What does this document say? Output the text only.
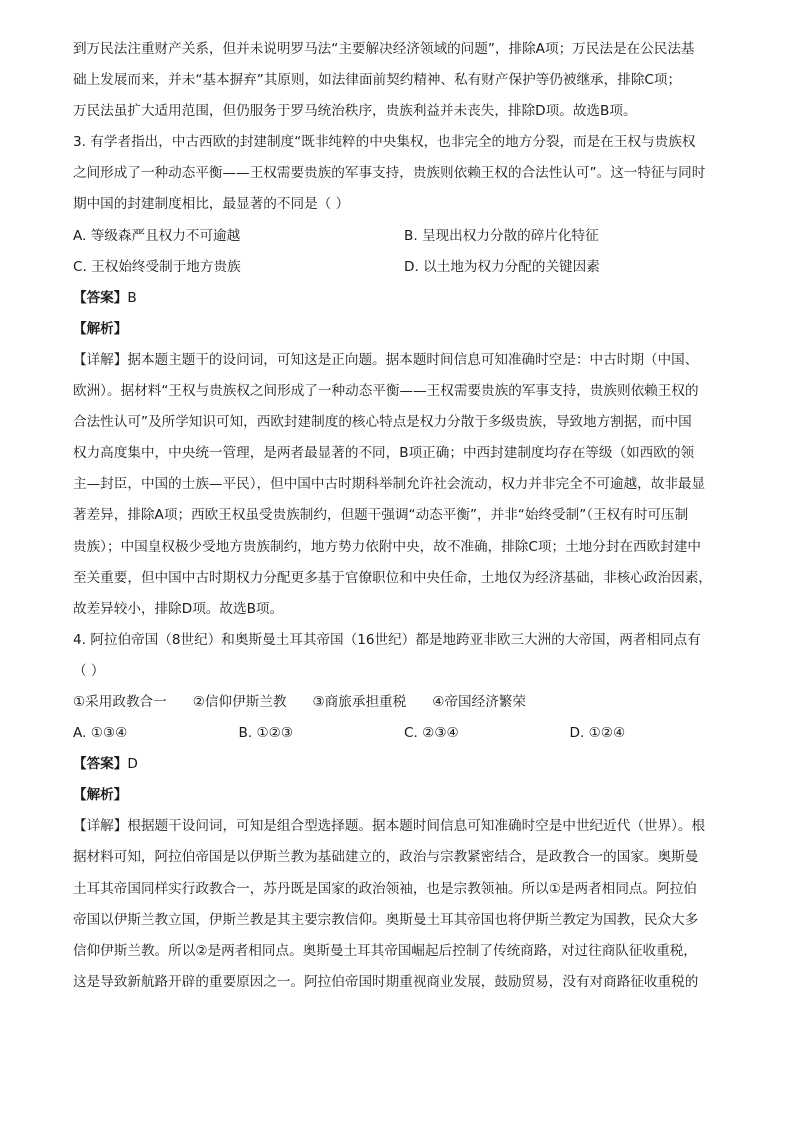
到万民法注重财产关系，但并未说明罗马法“主要解决经济领域的问题”，排除A项；万民法是在公民法基

础上发展而来，并未“基本摒弃”其原则，如法律面前契约精神、私有财产保护等仍被继承，排除C项；

万民法虽扩大适用范围，但仍服务于罗马统治秩序，贵族利益并未丧失，排除D项。故选B项。

3. 有学者指出，中古西欧的封建制度“既非纯粹的中央集权，也非完全的地方分裂，而是在王权与贵族权

之间形成了一种动态平衡——王权需要贵族的军事支持，贵族则依赖王权的合法性认可”。这一特征与同时

期中国的封建制度相比，最显著的不同是（ ）

A. 等级森严且权力不可逾越	B. 呈现出权力分散的碎片化特征
C. 王权始终受制于地方贵族	D. 以土地为权力分配的关键因素

【答案】B

【解析】

【详解】据本题主题干的设问词，可知这是正向题。据本题时间信息可知准确时空是：中古时期（中国、

欧洲）。据材料“王权与贵族权之间形成了一种动态平衡——王权需要贵族的军事支持，贵族则依赖王权的

合法性认可”及所学知识可知，西欧封建制度的核心特点是权力分散于多级贵族，导致地方割据，而中国

权力高度集中，中央统一管理，是两者最显著的不同，B项正确；中西封建制度均存在等级（如西欧的领

主—封臣，中国的士族—平民），但中国中古时期科举制允许社会流动，权力并非完全不可逾越，故非最显

著差异，排除A项；西欧王权虽受贵族制约，但题干强调“动态平衡”，并非“始终受制”（王权有时可压制

贵族）；中国皇权极少受地方贵族制约，地方势力依附中央，故不准确，排除C项；土地分封在西欧封建中

至关重要，但中国中古时期权力分配更多基于官僚职位和中央任命，土地仅为经济基础，非核心政治因素，

故差异较小，排除D项。故选B项。

4. 阿拉伯帝国（8世纪）和奥斯曼土耳其帝国（16世纪）都是地跨亚非欧三大洲的大帝国，两者相同点有

（ ）

①采用政教合一 ②信仰伊斯兰教 ③商旅承担重税 ④帝国经济繁荣
A. ①③④	B. ①②③	C. ②③④	D. ①②④

【答案】D

【解析】

【详解】根据题干设问词，可知是组合型选择题。据本题时间信息可知准确时空是中世纪近代（世界）。根

据材料可知，阿拉伯帝国是以伊斯兰教为基础建立的，政治与宗教紧密结合，是政教合一的国家。奥斯曼

土耳其帝国同样实行政教合一，苏丹既是国家的政治领袖，也是宗教领袖。所以①是两者相同点。阿拉伯

帝国以伊斯兰教立国，伊斯兰教是其主要宗教信仰。奥斯曼土耳其帝国也将伊斯兰教定为国教，民众大多

信仰伊斯兰教。所以②是两者相同点。奥斯曼土耳其帝国崛起后控制了传统商路，对过往商队征收重税，

这是导致新航路开辟的重要原因之一。阿拉伯帝国时期重视商业发展，鼓励贸易，没有对商路征收重税的
